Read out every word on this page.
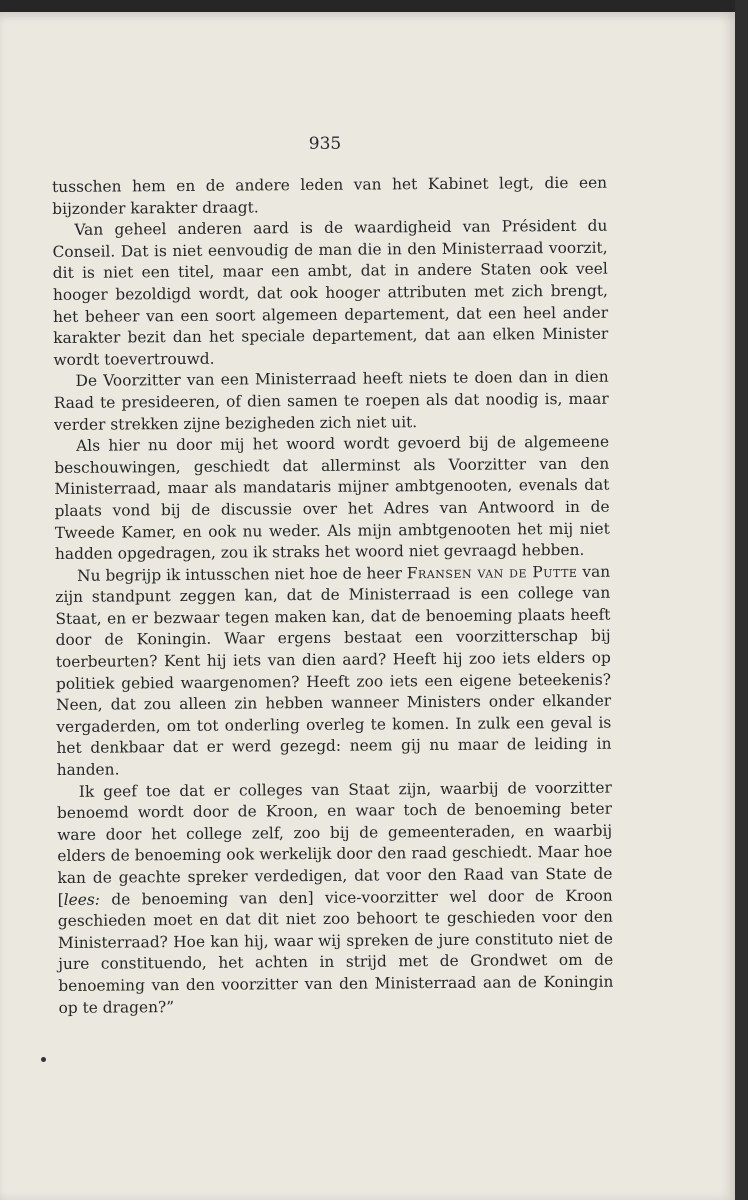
935

tusschen hem en de andere leden van het Kabinet legt, die een bijzonder karakter draagt.

Van geheel anderen aard is de waardigheid van Président du Conseil. Dat is niet eenvoudig de man die in den Ministerraad voorzit, dit is niet een titel, maar een ambt, dat in andere Staten ook veel hooger bezoldigd wordt, dat ook hooger attributen met zich brengt, het beheer van een soort algemeen departement, dat een heel ander karakter bezit dan het speciale departement, dat aan elken Minister wordt toevertrouwd.

De Voorzitter van een Ministerraad heeft niets te doen dan in dien Raad te presideeren, of dien samen te roepen als dat noodig is, maar verder strekken zijne bezigheden zich niet uit.

Als hier nu door mij het woord wordt gevoerd bij de algemeene beschouwingen, geschiedt dat allerminst als Voorzitter van den Ministerraad, maar als mandataris mijner ambtgenooten, evenals dat plaats vond bij de discussie over het Adres van Antwoord in de Tweede Kamer, en ook nu weder. Als mijn ambtgenooten het mij niet hadden opgedragen, zou ik straks het woord niet gevraagd hebben.

Nu begrijp ik intusschen niet hoe de heer Fransen van de Putte van zijn standpunt zeggen kan, dat de Ministerraad is een college van Staat, en er bezwaar tegen maken kan, dat de benoeming plaats heeft door de Koningin. Waar ergens bestaat een voorzitterschap bij toerbeurten? Kent hij iets van dien aard? Heeft hij zoo iets elders op politiek gebied waargenomen? Heeft zoo iets een eigene beteekenis? Neen, dat zou alleen zin hebben wanneer Ministers onder elkander vergaderden, om tot onderling overleg te komen. In zulk een geval is het denkbaar dat er werd gezegd: neem gij nu maar de leiding in handen.

Ik geef toe dat er colleges van Staat zijn, waarbij de voorzitter benoemd wordt door de Kroon, en waar toch de benoeming beter ware door het college zelf, zoo bij de gemeenteraden, en waarbij elders de benoeming ook werkelijk door den raad geschiedt. Maar hoe kan de geachte spreker verdedigen, dat voor den Raad van State de [lees: de benoeming van den] vice-voorzitter wel door de Kroon geschieden moet en dat dit niet zoo behoort te geschieden voor den Ministerraad? Hoe kan hij, waar wij spreken de jure constituto niet de jure constituendo, het achten in strijd met de Grondwet om de benoeming van den voorzitter van den Ministerraad aan de Koningin op te dragen?”
